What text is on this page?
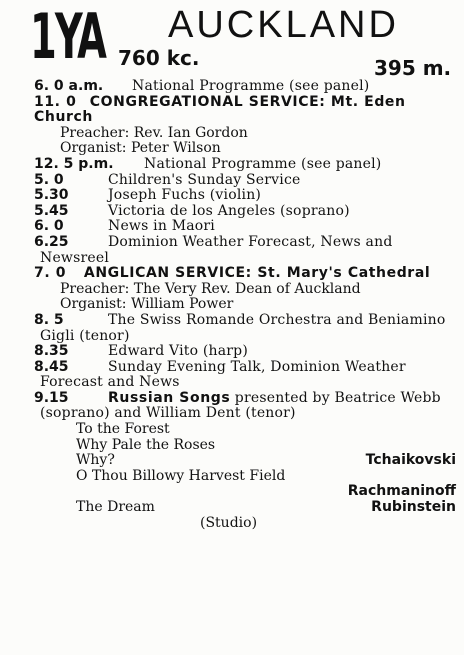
1YA AUCKLAND
760 kc.	395 m.
6. 0 a.m. National Programme (see panel)
11. 0 CONGREGATIONAL SERVICE: Mt. Eden Church
Preacher: Rev. Ian Gordon
Organist: Peter Wilson
12. 5 p.m. National Programme (see panel)
5. 0	Children's Sunday Service
5.30	Joseph Fuchs (violin)
5.45	Victoria de los Angeles (soprano)
6. 0	News in Maori
6.25	Dominion Weather Forecast, News and Newsreel
7. 0 ANGLICAN SERVICE: St. Mary's Cathedral
Preacher: The Very Rev. Dean of Auckland
Organist: William Power
8. 5	The Swiss Romande Orchestra and Beniamino Gigli (tenor)
8.35	Edward Vito (harp)
8.45	Sunday Evening Talk, Dominion Weather Forecast and News
9.15	Russian Songs presented by Beatrice Webb (soprano) and William Dent (tenor)
To the Forest
Why Pale the Roses
Why?	Tchaikovski
O Thou Billowy Harvest Field
Rachmaninoff
The Dream	Rubinstein
(Studio)
